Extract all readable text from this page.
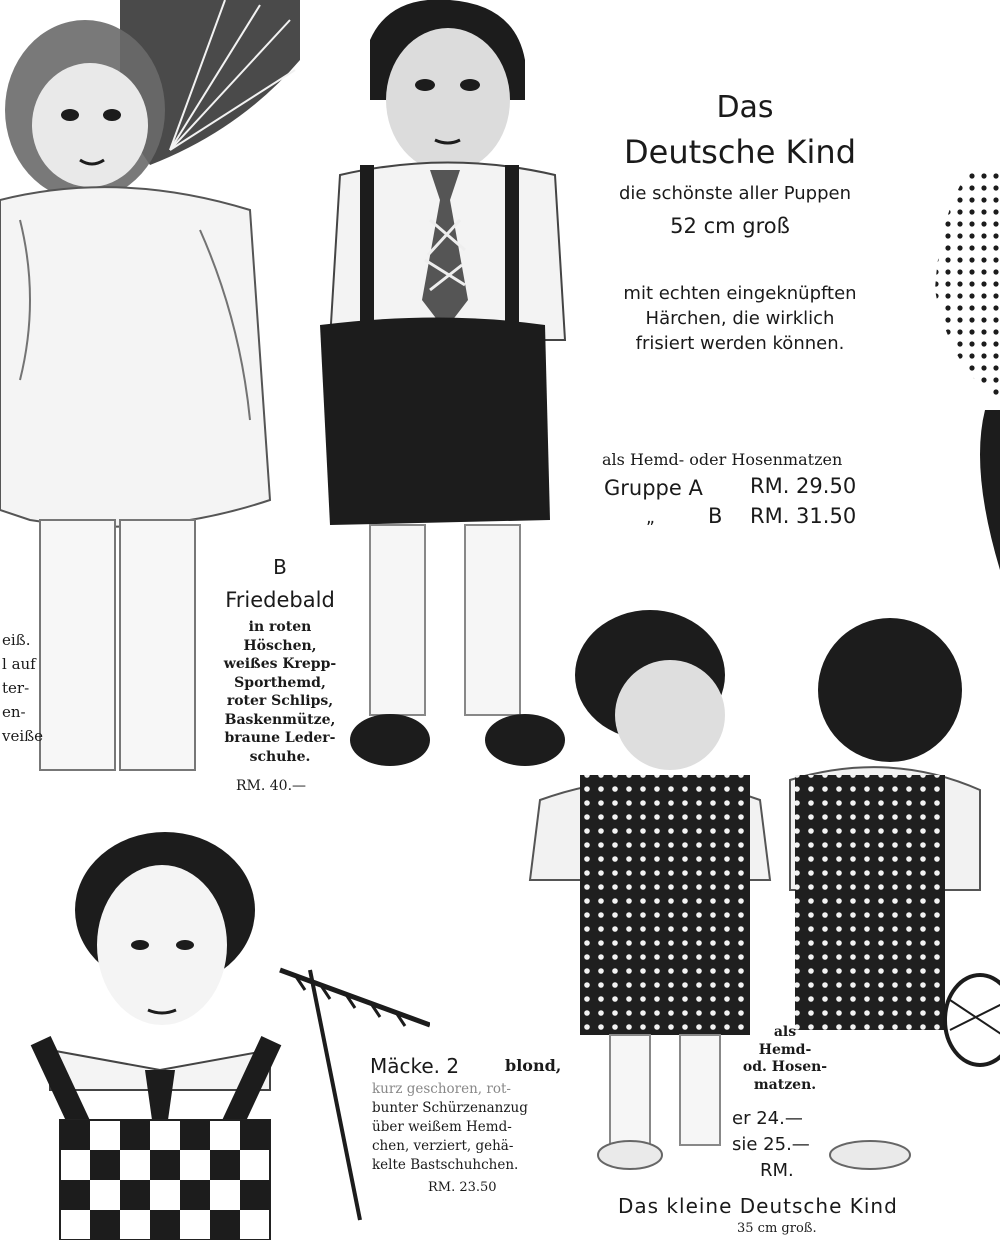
Das
Deutsche Kind
die schönste aller Puppen
52 cm groß
mit echten eingeknüpften
Härchen, die wirklich
frisiert werden können.
als Hemd- oder Hosenmatzen
Gruppe A RM. 29.50
„	B RM. 31.50
eiß.
l auf
ter-
en-
veiße
B
Friedebald
in roten
Höschen,
weißes Krepp-
Sporthemd,
roter Schlips,
Baskenmütze,
braune Leder-
schuhe.
RM. 40.—
Mäcke. 2	blond,
kurz geschoren, rot-
bunter Schürzenanzug
über weißem Hemd-
chen, verziert, gehä-
kelte Bastschuhchen.
RM. 23.50
als
Hemd-
od. Hosen-
matzen.
er 24.—
sie 25.—
RM.
Das kleine Deutsche Kind
35 cm groß.
